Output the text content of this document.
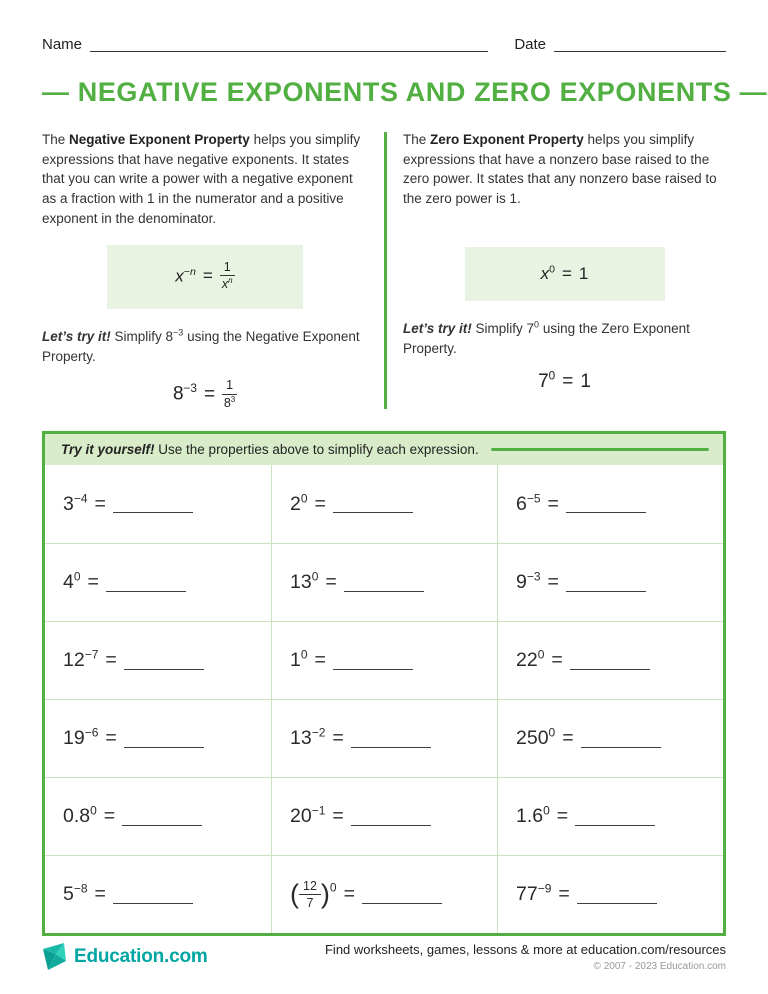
Name	Date
— NEGATIVE EXPONENTS AND ZERO EXPONENTS —

The Negative Exponent Property helps you simplify expressions that have negative exponents. It states that you can write a power with a negative exponent as a fraction with 1 in the numerator and a positive exponent in the denominator.

$x^{-n} = \frac{1}{x^n}$

Let’s try it! Simplify $8^{-3}$ using the Negative Exponent Property.

$8^{-3} = \frac{1}{8^3}$

The Zero Exponent Property helps you simplify expressions that have a nonzero base raised to the zero power. It states that any nonzero base raised to the zero power is 1.

$x^0 = 1$

Let’s try it! Simplify $7^0$ using the Zero Exponent Property.

$7^0 = 1$
Try it yourself! Use the properties above to simplify each expression.
$3^{-4}$ =	$2^0$ =	$6^{-5}$ =
$4^0$ =	$13^0$ =	$9^{-3}$ =
$12^{-7}$ =	$1^0$ =	$22^0$ =
$19^{-6}$ =	$13^{-2}$ =	$250^0$ =
$0.8^0$ =	$20^{-1}$ =	$1.6^0$ =
$5^{-8}$ =	( $\frac{12}{7} )^0$ =	$77^{-9}$ =
Education.com	Find worksheets, games, lessons & more at education.com/resources
© 2007 - 2023 Education.com
